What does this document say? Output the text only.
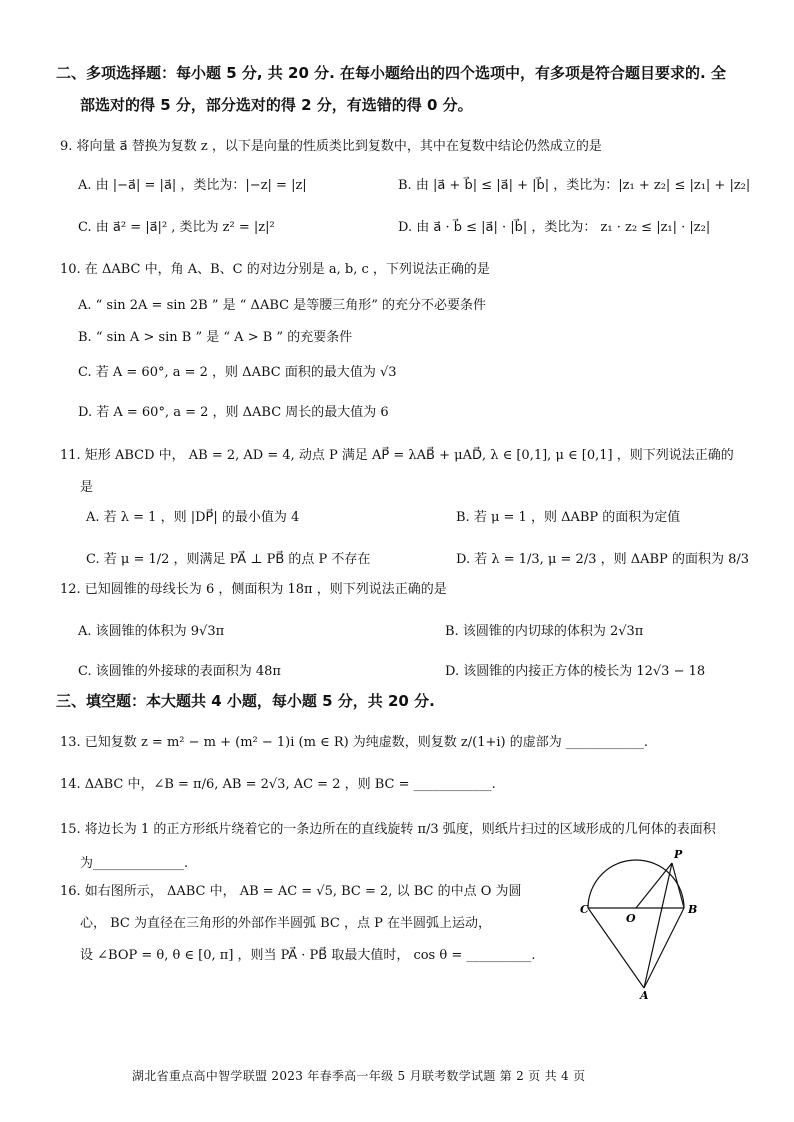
二、多项选择题：每小题 5 分, 共 20 分. 在每小题给出的四个选项中，有多项是符合题目要求的. 全
部选对的得 5 分，部分选对的得 2 分，有选错的得 0 分。
9. 将向量 a⃗ 替换为复数 z ，以下是向量的性质类比到复数中，其中在复数中结论仍然成立的是
A. 由 |−a⃗| = |a⃗| ，类比为：|−z| = |z|	B. 由 |a⃗ + b⃗| ≤ |a⃗| + |b⃗| ，类比为：|z₁ + z₂| ≤ |z₁| + |z₂|
C. 由 a⃗² = |a⃗|² , 类比为 z² = |z|²	D. 由 a⃗ · b⃗ ≤ |a⃗| · |b⃗| ，类比为： z₁ · z₂ ≤ |z₁| · |z₂|
10. 在 ΔABC 中，角 A、B、C 的对边分别是 a, b, c ，下列说法正确的是
A. “ sin 2A = sin 2B ” 是 “ ΔABC 是等腰三角形” 的充分不必要条件
B. “ sin A > sin B ” 是 “ A > B ” 的充要条件
C. 若 A = 60°, a = 2 ，则 ΔABC 面积的最大值为 √3
D. 若 A = 60°, a = 2 ，则 ΔABC 周长的最大值为 6
11. 矩形 ABCD 中， AB = 2, AD = 4, 动点 P 满足 AP⃗ = λAB⃗ + μAD⃗, λ ∈ [0,1], μ ∈ [0,1] ，则下列说法正确的
是
A. 若 λ = 1 ，则 |DP⃗| 的最小值为 4	B. 若 μ = 1 ，则 ΔABP 的面积为定值
C. 若 μ = 1/2 ，则满足 PA⃗ ⊥ PB⃗ 的点 P 不存在	D. 若 λ = 1/3, μ = 2/3 ，则 ΔABP 的面积为 8/3
12. 已知圆锥的母线长为 6 ，侧面积为 18π ，则下列说法正确的是
A. 该圆锥的体积为 9√3π	B. 该圆锥的内切球的体积为 2√3π
C. 该圆锥的外接球的表面积为 48π	D. 该圆锥的内接正方体的棱长为 12√3 − 18
三、填空题：本大题共 4 小题，每小题 5 分，共 20 分.
13. 已知复数 z = m² − m + (m² − 1)i (m ∈ R) 为纯虚数，则复数 z/(1+i) 的虚部为 ____________.
14. ΔABC 中，∠B = π/6, AB = 2√3, AC = 2 ，则 BC = ____________.
15. 将边长为 1 的正方形纸片绕着它的一条边所在的直线旋转 π/3 弧度，则纸片扫过的区域形成的几何体的表面积
为______________.
16. 如右图所示， ΔABC 中， AB = AC = √5, BC = 2, 以 BC 的中点 O 为圆
心， BC 为直径在三角形的外部作半圆弧 BC ，点 P 在半圆弧上运动，
设 ∠BOP = θ, θ ∈ [0, π] ，则当 PA⃗ · PB⃗ 取最大值时， cos θ = __________.
P
C
O
B
A
湖北省重点高中智学联盟 2023 年春季高一年级 5 月联考数学试题 第 2 页 共 4 页
